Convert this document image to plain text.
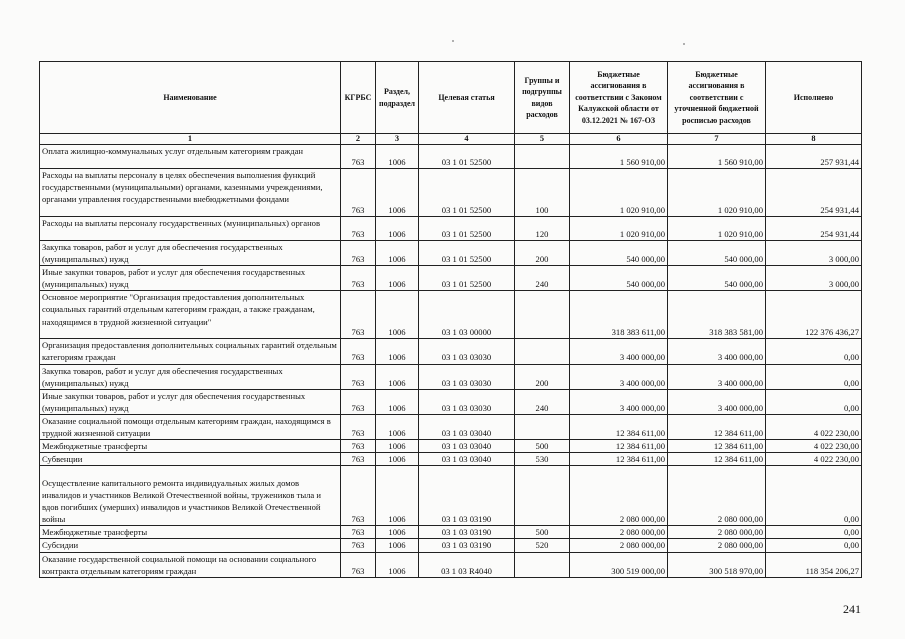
Наименование	КГРБС	Раздел, подраздел	Целевая статья	Группы и подгруппы видов расходов	Бюджетные ассигнования в соответствии с Законом Калужской области от 03.12.2021 № 167-ОЗ	Бюджетные ассигнования в соответствии с уточненной бюджетной росписью расходов	Исполнено
1	2	3	4	5	6	7	8
Оплата жилищно-коммунальных услуг отдельным категориям граждан	763	1006	03 1 01 52500		1 560 910,00	1 560 910,00	257 931,44
Расходы на выплаты персоналу в целях обеспечения выполнения функций государственными (муниципальными) органами, казенными учреждениями, органами управления государственными внебюджетными фондами	763	1006	03 1 01 52500	100	1 020 910,00	1 020 910,00	254 931,44
Расходы на выплаты персоналу государственных (муниципальных) органов	763	1006	03 1 01 52500	120	1 020 910,00	1 020 910,00	254 931,44
Закупка товаров, работ и услуг для обеспечения государственных (муниципальных) нужд	763	1006	03 1 01 52500	200	540 000,00	540 000,00	3 000,00
Иные закупки товаров, работ и услуг для обеспечения государственных (муниципальных) нужд	763	1006	03 1 01 52500	240	540 000,00	540 000,00	3 000,00
Основное мероприятие "Организация предоставления дополнительных социальных гарантий отдельным категориям граждан, а также гражданам, находящимся в трудной жизненной ситуации"	763	1006	03 1 03 00000		318 383 611,00	318 383 581,00	122 376 436,27
Организация предоставления дополнительных социальных гарантий отдельным категориям граждан	763	1006	03 1 03 03030		3 400 000,00	3 400 000,00	0,00
Закупка товаров, работ и услуг для обеспечения государственных (муниципальных) нужд	763	1006	03 1 03 03030	200	3 400 000,00	3 400 000,00	0,00
Иные закупки товаров, работ и услуг для обеспечения государственных (муниципальных) нужд	763	1006	03 1 03 03030	240	3 400 000,00	3 400 000,00	0,00
Оказание социальной помощи отдельным категориям граждан, находящимся в трудной жизненной ситуации	763	1006	03 1 03 03040		12 384 611,00	12 384 611,00	4 022 230,00
Межбюджетные трансферты	763	1006	03 1 03 03040	500	12 384 611,00	12 384 611,00	4 022 230,00
Субвенции	763	1006	03 1 03 03040	530	12 384 611,00	12 384 611,00	4 022 230,00
Осуществление капитального ремонта индивидуальных жилых домов инвалидов и участников Великой Отечественной войны, тружеников тыла и вдов погибших (умерших) инвалидов и участников Великой Отечественной войны	763	1006	03 1 03 03190		2 080 000,00	2 080 000,00	0,00
Межбюджетные трансферты	763	1006	03 1 03 03190	500	2 080 000,00	2 080 000,00	0,00
Субсидии	763	1006	03 1 03 03190	520	2 080 000,00	2 080 000,00	0,00
Оказание государственной социальной помощи на основании социального контракта отдельным категориям граждан	763	1006	03 1 03 R4040		300 519 000,00	300 518 970,00	118 354 206,27
241
